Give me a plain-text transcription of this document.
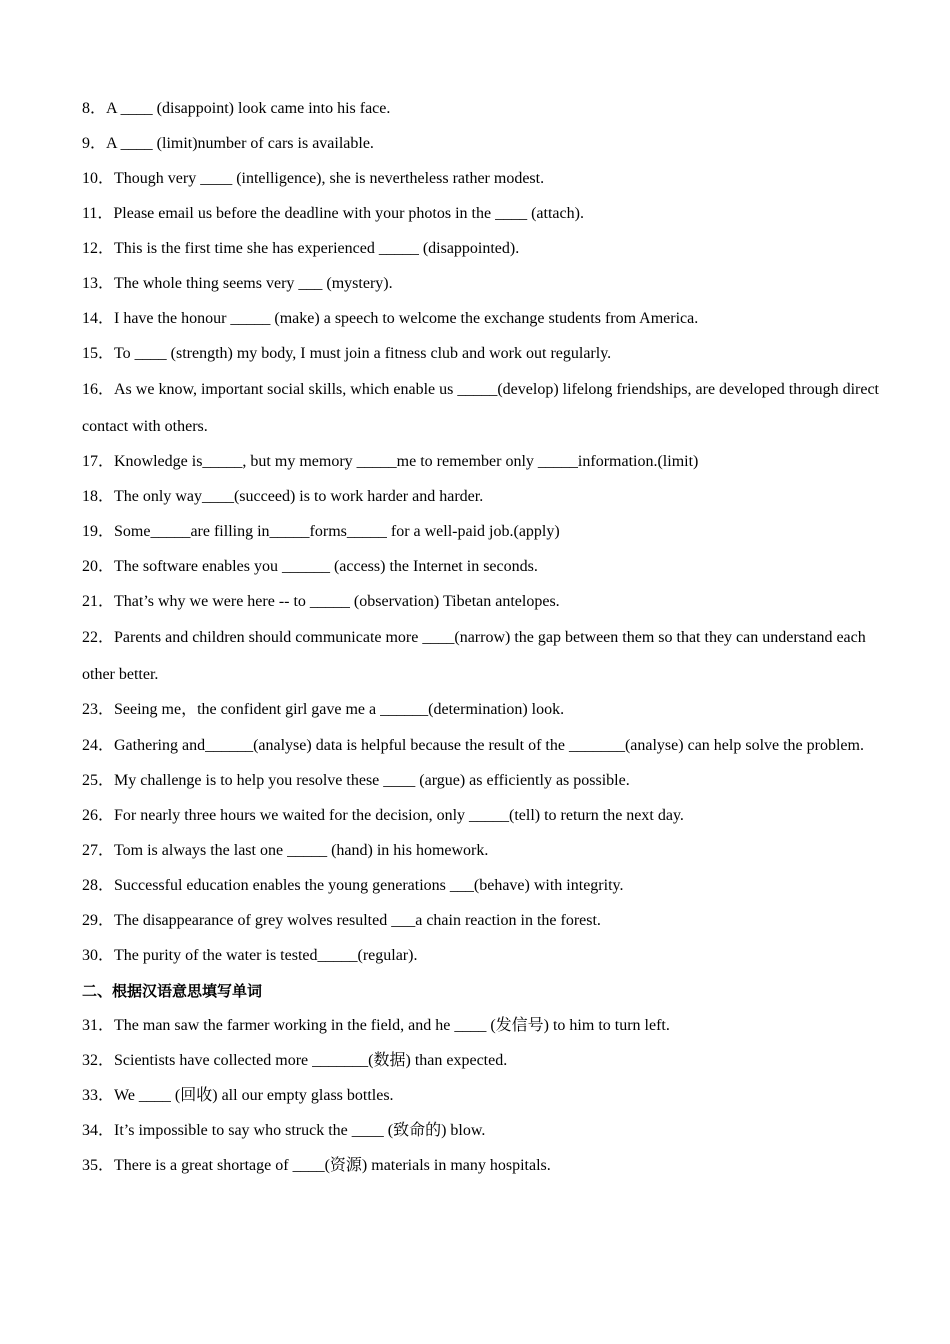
8．A ____ (disappoint) look came into his face.
9．A ____ (limit)number of cars is available.
10．Though very ____ (intelligence), she is nevertheless rather modest.
11．Please email us before the deadline with your photos in the ____ (attach).
12．This is the first time she has experienced _____ (disappointed).
13．The whole thing seems very ___ (mystery).
14．I have the honour _____ (make) a speech to welcome the exchange students from America.
15．To ____ (strength) my body, I must join a fitness club and work out regularly.
16．As we know, important social skills, which enable us _____(develop) lifelong friendships, are developed through direct contact with others.
17．Knowledge is_____, but my memory _____me to remember only _____information.(limit)
18．The only way____(succeed) is to work harder and harder.
19．Some_____are filling in_____forms_____ for a well-paid job.(apply)
20．The software enables you ______ (access) the Internet in seconds.
21．That’s why we were here -- to _____ (observation) Tibetan antelopes.
22．Parents and children should communicate more ____(narrow) the gap between them so that they can understand each other better.
23．Seeing me，the confident girl gave me a ______(determination) look.
24．Gathering and______(analyse) data is helpful because the result of the _______(analyse) can help solve the problem.
25．My challenge is to help you resolve these ____ (argue) as efficiently as possible.
26．For nearly three hours we waited for the decision, only _____(tell) to return the next day.
27．Tom is always the last one _____ (hand) in his homework.
28．Successful education enables the young generations ___(behave) with integrity.
29．The disappearance of grey wolves resulted ___a chain reaction in the forest.
30．The purity of the water is tested_____(regular).
二、根据汉语意思填写单词
31．The man saw the farmer working in the field, and he ____ (发信号) to him to turn left.
32．Scientists have collected more _______(数据) than expected.
33．We ____ (回收) all our empty glass bottles.
34．It’s impossible to say who struck the ____ (致命的) blow.
35．There is a great shortage of ____(资源) materials in many hospitals.
